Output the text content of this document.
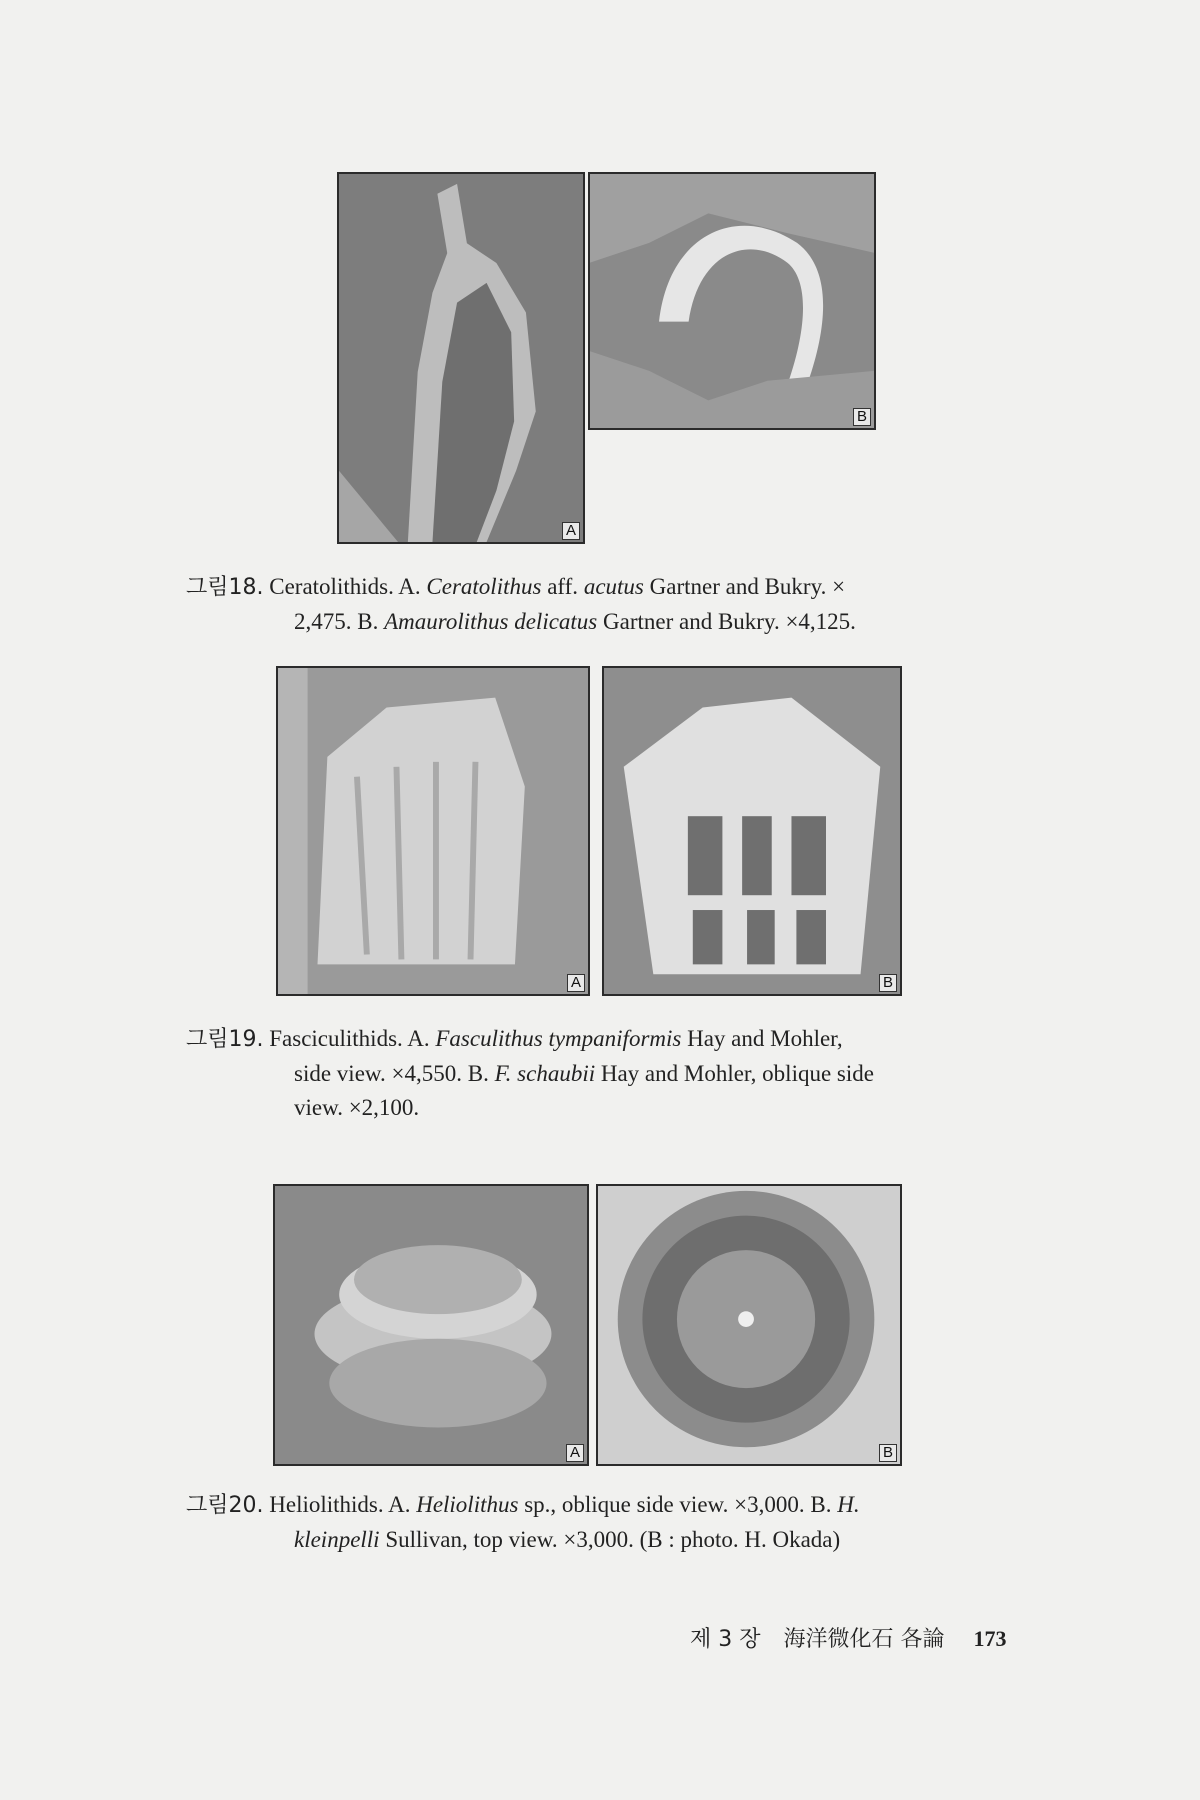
A
B
그림18. Ceratolithids. A. Ceratolithus aff. acutus Gartner and Bukry. ×
2,475. B. Amaurolithus delicatus Gartner and Bukry. ×4,125.
A	B
그림19. Fasciculithids. A. Fasculithus tympaniformis Hay and Mohler,
side view. ×4,550. B. F. schaubii Hay and Mohler, oblique side
view. ×2,100.
A	B
그림20. Heliolithids. A. Heliolithus sp., oblique side view. ×3,000. B. H.
kleinpelli Sullivan, top view. ×3,000. (B : photo. H. Okada)
제 3 장 海洋微化石 各論 173
